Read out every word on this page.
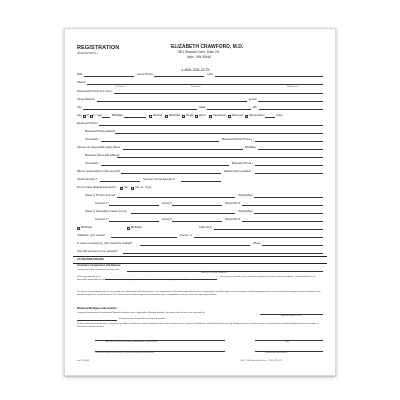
REGISTRATION
(PLEASE PRINT)
ELIZABETH CRAWFORD, M.D.
7801 Winpark Drive, Suite 2H
Mpls., MN 55446
1-800-328-2179
Date	Home Phone (	Cell (
Patient
Last Name	First Name	Middle Initial
Responsible Party (if a minor)
Street Address	E-mail
City	State	Zip
Sex M F Age	Birthdate	Married	Widowed Single Minor	Separated Divorced Partnered for	years
Employer/School
Business/School Address
Occupation	Business/School Phone (
Spouse (or responsible party) Name	Birthdate
Business Name and Address
Occupation	Business Phone (
Who is responsible for this account?	Relationship to Patient
Social Security #	Spouse's Social Security #
Do you have Medical Insurance?	No	Yes ► If yes
Name of Primary Insured	Policyholder
Contract #	Group #	Subscriber #
Name of Secondary Insurer (if any)	Policyholder
Contract #	Group #	Subscriber #
Medicare	Medicaid	Claim ID #
If Welfare, your number	County of
In case of emergency, who should be notified?	Phone
How did you learn of our practice?
AUTHORIZATIONS
Insurance Assignment and Release
I certify that I have insurance coverage with
Name of Insurance companies
and assign directly to Dr.	all insurance benefits, if any, otherwise payable to me for services rendered. I understand that I am financially responsible for all charges whether or not paid by insurance. I authorize the use of my signature on all insurance submissions.
The above-named doctor may use my health care information and may disclose such information to the above-named Insurance Company(ies) and their agents for the purpose of obtaining payment for services and determining insurance benefits or the benefits payable for related services. This consent will end when my current treatment plan is completed or one year from the date signed below.
Medicare/Medigap Authorization
I request that payment of authorized Medicare benefits and, if applicable, Medigap benefits, be made either to me or on my behalf to
Name of Doctor or Clinic
for any services furnished to me by that provider.
To the extent permitted by law, I authorize any holder of medical or other information about me to release to the Centers for Medicare and Medicaid Services, my Medigap insurer, and their agents, any information needed to determine these benefits or benefits for related services.
Signature of Beneficiary, Insured or Authorized Representative	Date
Please print name of Beneficiary, Insured or Authorized Representative	Relationship to Beneficiary
Item #81000W	©2002 - 2006 Medical Arts Press · 1-800-328-2179
